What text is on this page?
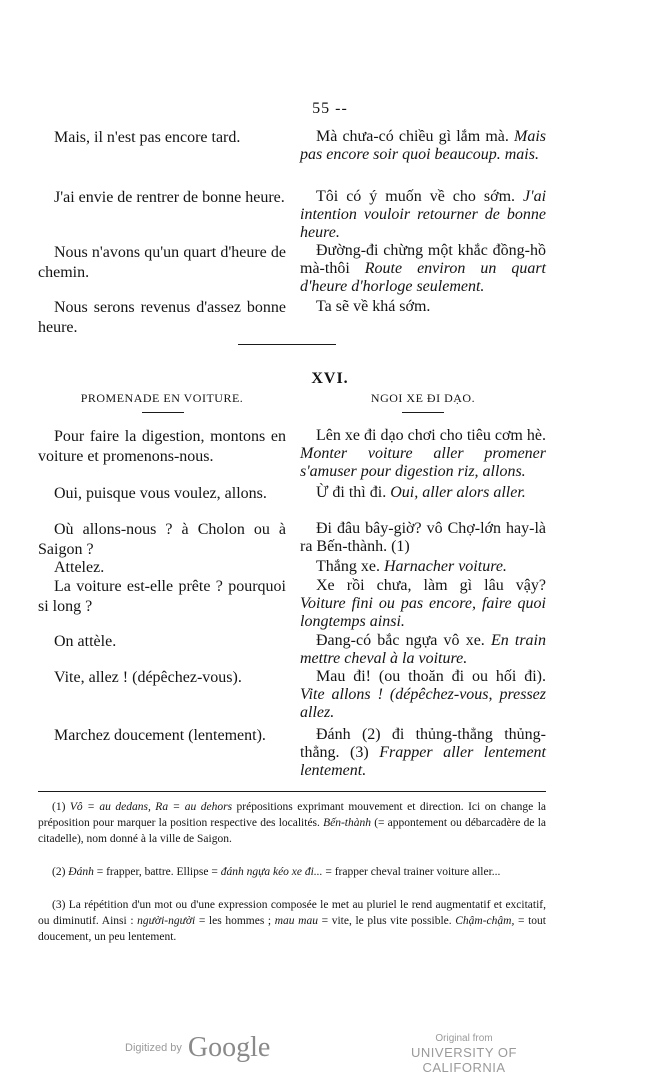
55 --

Mais, il n'est pas encore tard.

J'ai envie de rentrer de bonne heure.

Nous n'avons qu'un quart d'heure de chemin.

Nous serons revenus d'assez bonne heure.

Mà chưa-có chiều gì lắm mà. Mais pas encore soir quoi beaucoup. mais.

Tôi có ý muốn về cho sớm. J'ai intention vouloir retourner de bonne heure.

Đường-đi chừng một khắc đồng-hồ mà-thôi Route environ un quart d'heure d'horloge seulement.

Ta sẽ về khá sớm.

XVI.
PROMENADE EN VOITURE.	NGOI XE ĐI DẠO.

Pour faire la digestion, montons en voiture et promenons-nous.

Oui, puisque vous voulez, allons.

Où allons-nous ? à Cholon ou à Saigon ?

Attelez.

La voiture est-elle prête ? pourquoi si long ?

On attèle.

Vite, allez ! (dépêchez-vous).

Marchez doucement (lentement).

Lên xe đi dạo chơi cho tiêu cơm hè. Monter voiture aller promener s'amuser pour digestion riz, allons.

Ừ đi thì đi. Oui, aller alors aller.

Đi đâu bây-giờ? vô Chợ-lớn hay-là ra Bến-thành. (1)

Thắng xe. Harnacher voiture.

Xe rồi chưa, làm gì lâu vậy? Voiture fini ou pas encore, faire quoi longtemps ainsi.

Đang-có bắc ngựa vô xe. En train mettre cheval à la voiture.

Mau đi! (ou thoăn đi ou hối đi). Vite allons ! (dépêchez-vous, pressez allez.

Đánh (2) đi thủng-thẳng thủng-thẳng. (3) Frapper aller lentement lentement.

(1) Vô = au dedans, Ra = au dehors prépositions exprimant mouvement et direction. Ici on change la préposition pour marquer la position respective des localités. Bến-thành (= appontement ou débarcadère de la citadelle), nom donné à la ville de Saigon.

(2) Đánh = frapper, battre. Ellipse = đánh ngựa kéo xe đi... = frapper cheval trainer voiture aller...

(3) La répétition d'un mot ou d'une expression composée le met au pluriel le rend augmentatif et excitatif, ou diminutif. Ainsi : người-người = les hommes ; mau mau = vite, le plus vite possible. Chậm-chậm, = tout doucement, un peu lentement.

Digitized by Google	Original from
UNIVERSITY OF CALIFORNIA
